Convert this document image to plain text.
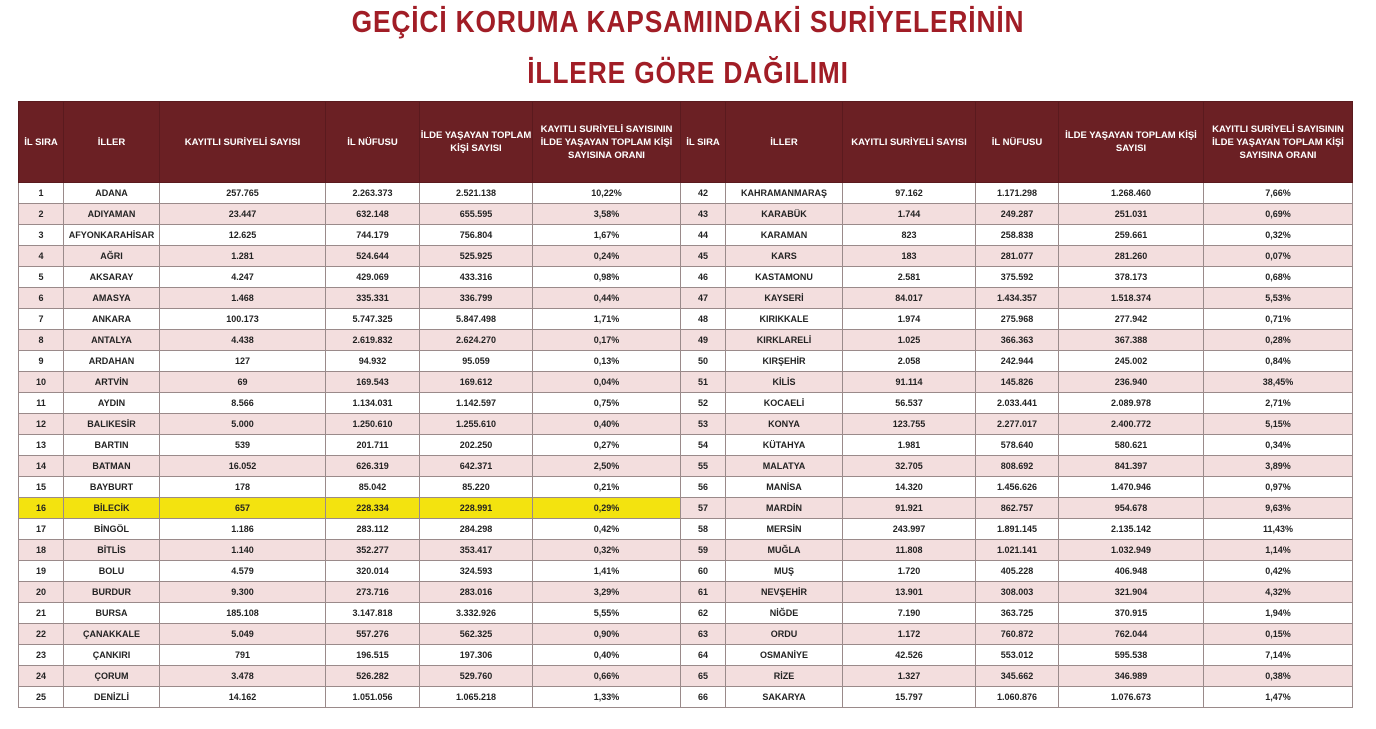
GEÇİCİ KORUMA KAPSAMINDAKİ SURİYELERİNİN
İLLERE GÖRE DAĞILIMI
İL SIRA	İLLER	KAYITLI SURİYELİ SAYISI	İL NÜFUSU	İLDE YAŞAYAN TOPLAM KİŞİ SAYISI	KAYITLI SURİYELİ SAYISININ İLDE YAŞAYAN TOPLAM KİŞİ SAYISINA ORANI	İL SIRA	İLLER	KAYITLI SURİYELİ SAYISI	İL NÜFUSU	İLDE YAŞAYAN TOPLAM KİŞİ SAYISI	KAYITLI SURİYELİ SAYISININ İLDE YAŞAYAN TOPLAM KİŞİ SAYISINA ORANI
1	ADANA	257.765	2.263.373	2.521.138	10,22%	42	KAHRAMANMARAŞ	97.162	1.171.298	1.268.460	7,66%
2	ADIYAMAN	23.447	632.148	655.595	3,58%	43	KARABÜK	1.744	249.287	251.031	0,69%
3	AFYONKARAHİSAR	12.625	744.179	756.804	1,67%	44	KARAMAN	823	258.838	259.661	0,32%
4	AĞRI	1.281	524.644	525.925	0,24%	45	KARS	183	281.077	281.260	0,07%
5	AKSARAY	4.247	429.069	433.316	0,98%	46	KASTAMONU	2.581	375.592	378.173	0,68%
6	AMASYA	1.468	335.331	336.799	0,44%	47	KAYSERİ	84.017	1.434.357	1.518.374	5,53%
7	ANKARA	100.173	5.747.325	5.847.498	1,71%	48	KIRIKKALE	1.974	275.968	277.942	0,71%
8	ANTALYA	4.438	2.619.832	2.624.270	0,17%	49	KIRKLARELİ	1.025	366.363	367.388	0,28%
9	ARDAHAN	127	94.932	95.059	0,13%	50	KIRŞEHİR	2.058	242.944	245.002	0,84%
10	ARTVİN	69	169.543	169.612	0,04%	51	KİLİS	91.114	145.826	236.940	38,45%
11	AYDIN	8.566	1.134.031	1.142.597	0,75%	52	KOCAELİ	56.537	2.033.441	2.089.978	2,71%
12	BALIKESİR	5.000	1.250.610	1.255.610	0,40%	53	KONYA	123.755	2.277.017	2.400.772	5,15%
13	BARTIN	539	201.711	202.250	0,27%	54	KÜTAHYA	1.981	578.640	580.621	0,34%
14	BATMAN	16.052	626.319	642.371	2,50%	55	MALATYA	32.705	808.692	841.397	3,89%
15	BAYBURT	178	85.042	85.220	0,21%	56	MANİSA	14.320	1.456.626	1.470.946	0,97%
16	BİLECİK	657	228.334	228.991	0,29%	57	MARDİN	91.921	862.757	954.678	9,63%
17	BİNGÖL	1.186	283.112	284.298	0,42%	58	MERSİN	243.997	1.891.145	2.135.142	11,43%
18	BİTLİS	1.140	352.277	353.417	0,32%	59	MUĞLA	11.808	1.021.141	1.032.949	1,14%
19	BOLU	4.579	320.014	324.593	1,41%	60	MUŞ	1.720	405.228	406.948	0,42%
20	BURDUR	9.300	273.716	283.016	3,29%	61	NEVŞEHİR	13.901	308.003	321.904	4,32%
21	BURSA	185.108	3.147.818	3.332.926	5,55%	62	NİĞDE	7.190	363.725	370.915	1,94%
22	ÇANAKKALE	5.049	557.276	562.325	0,90%	63	ORDU	1.172	760.872	762.044	0,15%
23	ÇANKIRI	791	196.515	197.306	0,40%	64	OSMANİYE	42.526	553.012	595.538	7,14%
24	ÇORUM	3.478	526.282	529.760	0,66%	65	RİZE	1.327	345.662	346.989	0,38%
25	DENİZLİ	14.162	1.051.056	1.065.218	1,33%	66	SAKARYA	15.797	1.060.876	1.076.673	1,47%
